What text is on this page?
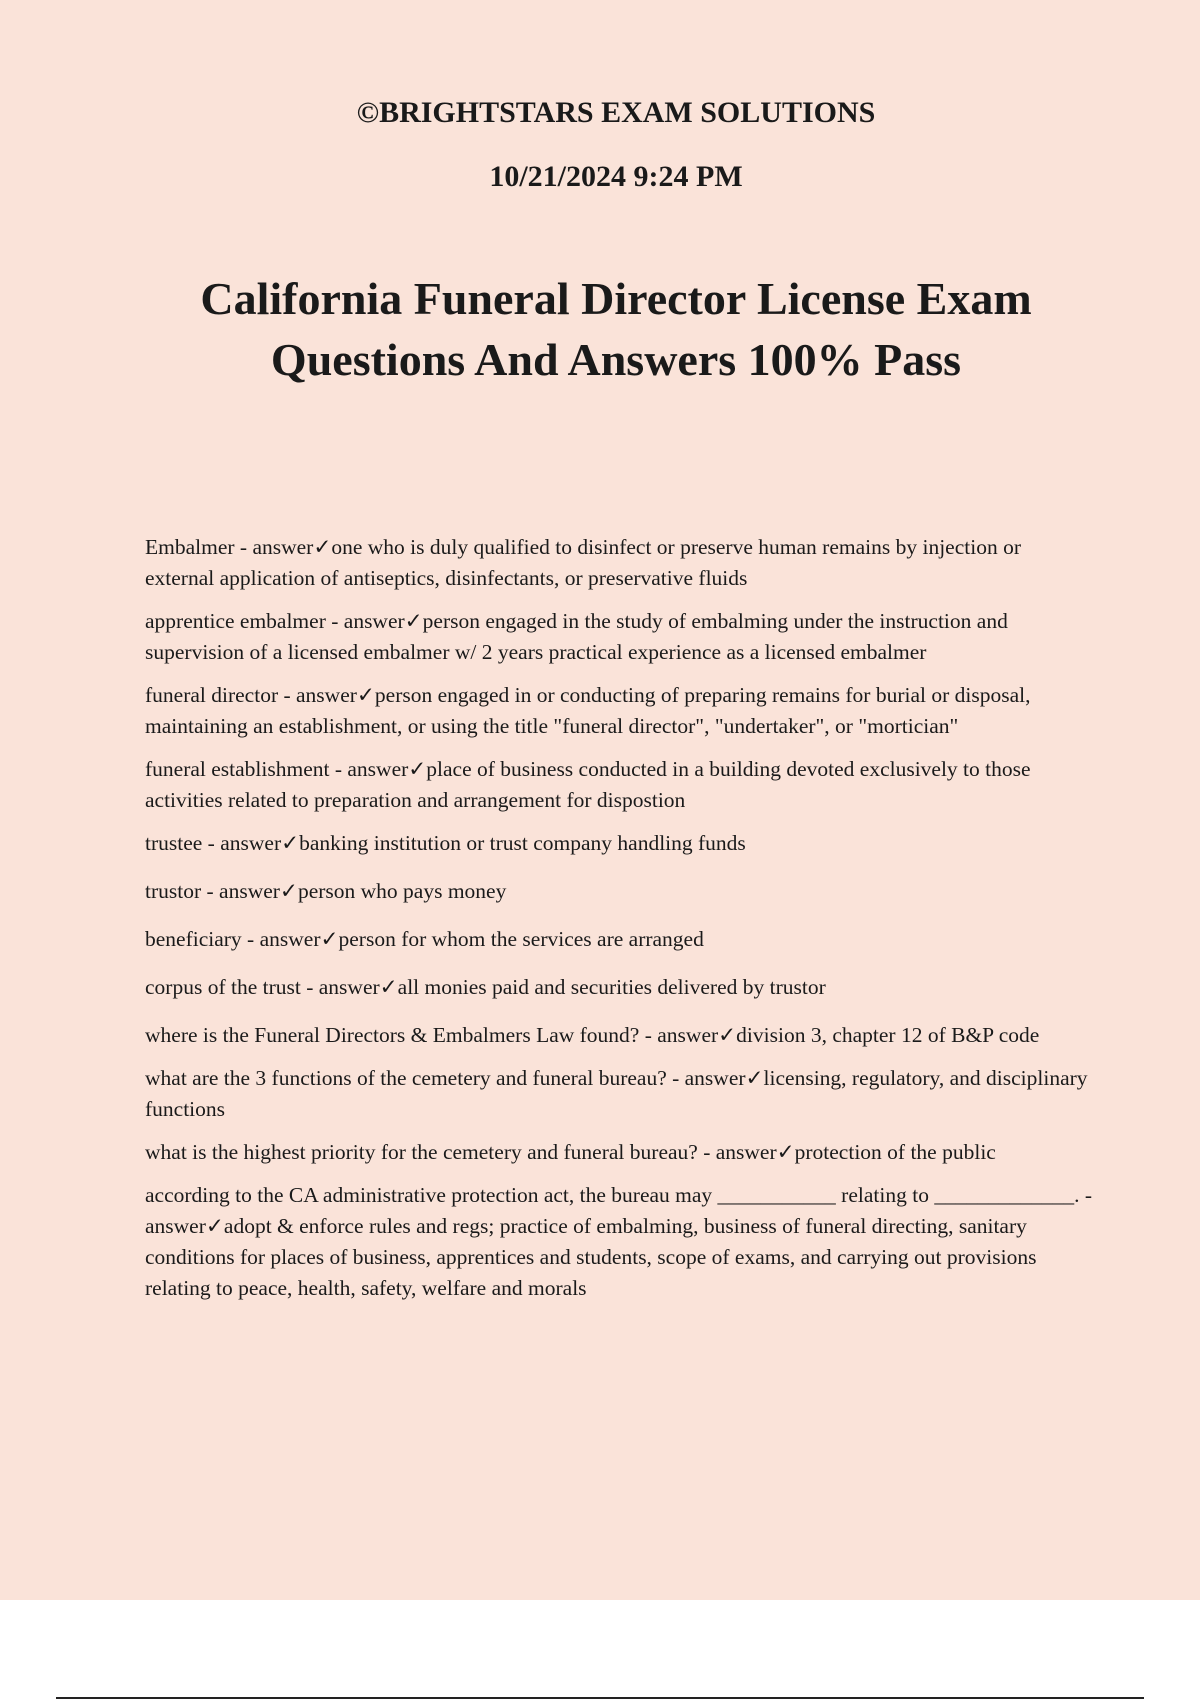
©BRIGHTSTARS EXAM SOLUTIONS
10/21/2024 9:24 PM
California Funeral Director License Exam
Questions And Answers 100% Pass
Embalmer - answer✓one who is duly qualified to disinfect or preserve human remains by injection or external application of antiseptics, disinfectants, or preservative fluids
apprentice embalmer - answer✓person engaged in the study of embalming under the instruction and supervision of a licensed embalmer w/ 2 years practical experience as a licensed embalmer
funeral director - answer✓person engaged in or conducting of preparing remains for burial or disposal, maintaining an establishment, or using the title "funeral director", "undertaker", or "mortician"
funeral establishment - answer✓place of business conducted in a building devoted exclusively to those activities related to preparation and arrangement for dispostion
trustee - answer✓banking institution or trust company handling funds
trustor - answer✓person who pays money
beneficiary - answer✓person for whom the services are arranged
corpus of the trust - answer✓all monies paid and securities delivered by trustor
where is the Funeral Directors & Embalmers Law found? - answer✓division 3, chapter 12 of B&P code
what are the 3 functions of the cemetery and funeral bureau? - answer✓licensing, regulatory, and disciplinary functions
what is the highest priority for the cemetery and funeral bureau? - answer✓protection of the public
according to the CA administrative protection act, the bureau may ___________ relating to _____________. - answer✓adopt & enforce rules and regs; practice of embalming, business of funeral directing, sanitary conditions for places of business, apprentices and students, scope of exams, and carrying out provisions relating to peace, health, safety, welfare and morals
